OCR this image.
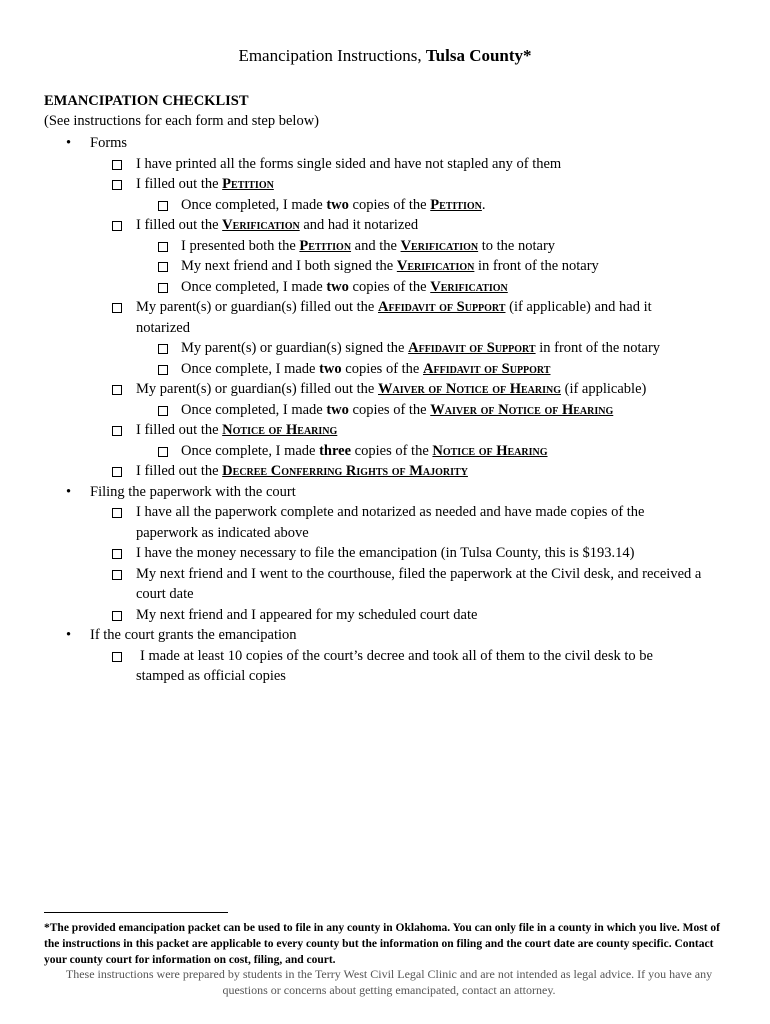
Emancipation Instructions, Tulsa County*
EMANCIPATION CHECKLIST
(See instructions for each form and step below)
• Forms
I have printed all the forms single sided and have not stapled any of them
I filled out the Petition
Once completed, I made two copies of the Petition.
I filled out the Verification and had it notarized
I presented both the Petition and the Verification to the notary
My next friend and I both signed the Verification in front of the notary
Once completed, I made two copies of the Verification
My parent(s) or guardian(s) filled out the Affidavit of Support (if applicable) and had it
notarized
My parent(s) or guardian(s) signed the Affidavit of Support in front of the notary
Once complete, I made two copies of the Affidavit of Support
My parent(s) or guardian(s) filled out the Waiver of Notice of Hearing (if applicable)
Once completed, I made two copies of the Waiver of Notice of Hearing
I filled out the Notice of Hearing
Once complete, I made three copies of the Notice of Hearing
I filled out the Decree Conferring Rights of Majority
• Filing the paperwork with the court
I have all the paperwork complete and notarized as needed and have made copies of the
paperwork as indicated above
I have the money necessary to file the emancipation (in Tulsa County, this is $193.14)
My next friend and I went to the courthouse, filed the paperwork at the Civil desk, and received a
court date
My next friend and I appeared for my scheduled court date
• If the court grants the emancipation
I made at least 10 copies of the court’s decree and took all of them to the civil desk to be
stamped as official copies
*The provided emancipation packet can be used to file in any county in Oklahoma. You can only file in a county in which you live. Most of the instructions in this packet are applicable to every county but the information on filing and the court date are county specific. Contact your county court for information on cost, filing, and court.
These instructions were prepared by students in the Terry West Civil Legal Clinic and are not intended as legal advice. If you have any questions or concerns about getting emancipated, contact an attorney.
